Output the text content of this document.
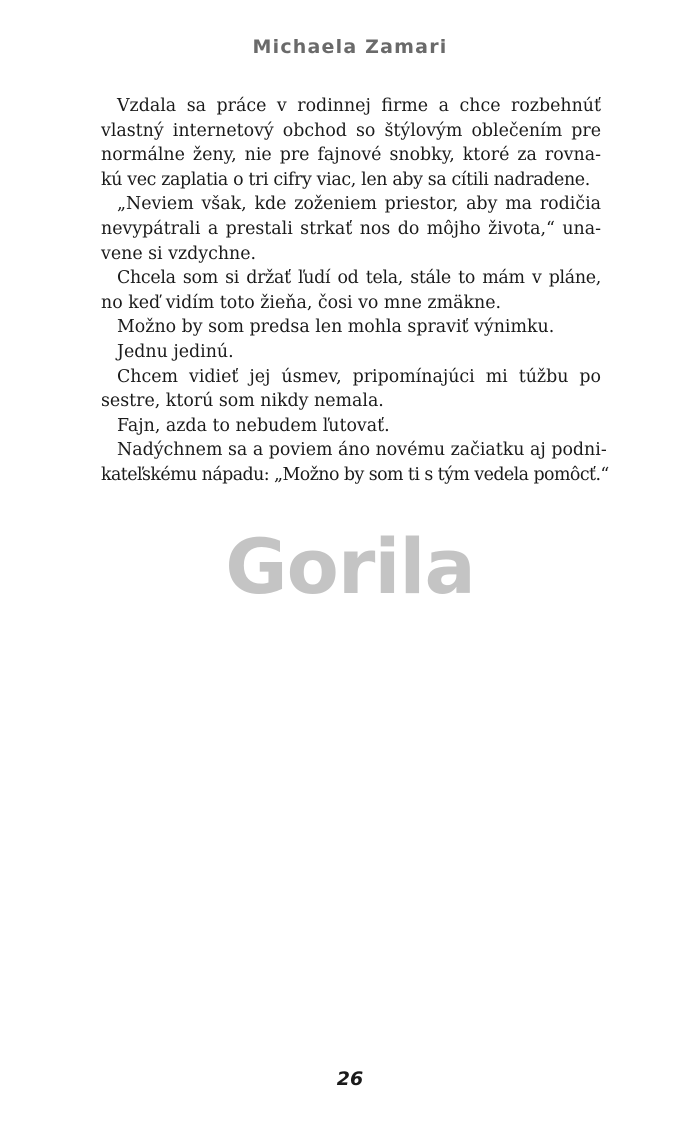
Michaela Zamari

Vzdala sa práce v rodinnej firme a chce rozbehnúť
vlastný internetový obchod so štýlovým oblečením pre
normálne ženy, nie pre fajnové snobky, ktoré za rovna-
kú vec zaplatia o tri cifry viac, len aby sa cítili nadradene.

„Neviem však, kde zoženiem priestor, aby ma rodičia
nevypátrali a prestali strkať nos do môjho života,“ una-
vene si vzdychne.

Chcela som si držať ľudí od tela, stále to mám v pláne,
no keď vidím toto žieňa, čosi vo mne zmäkne.

Možno by som predsa len mohla spraviť výnimku.

Jednu jedinú.

Chcem vidieť jej úsmev, pripomínajúci mi túžbu po
sestre, ktorú som nikdy nemala.

Fajn, azda to nebudem ľutovať.

Nadýchnem sa a poviem áno novému začiatku aj podni-
kateľskému nápadu: „Možno by som ti s tým vedela pomôcť.“

Gorila
26
